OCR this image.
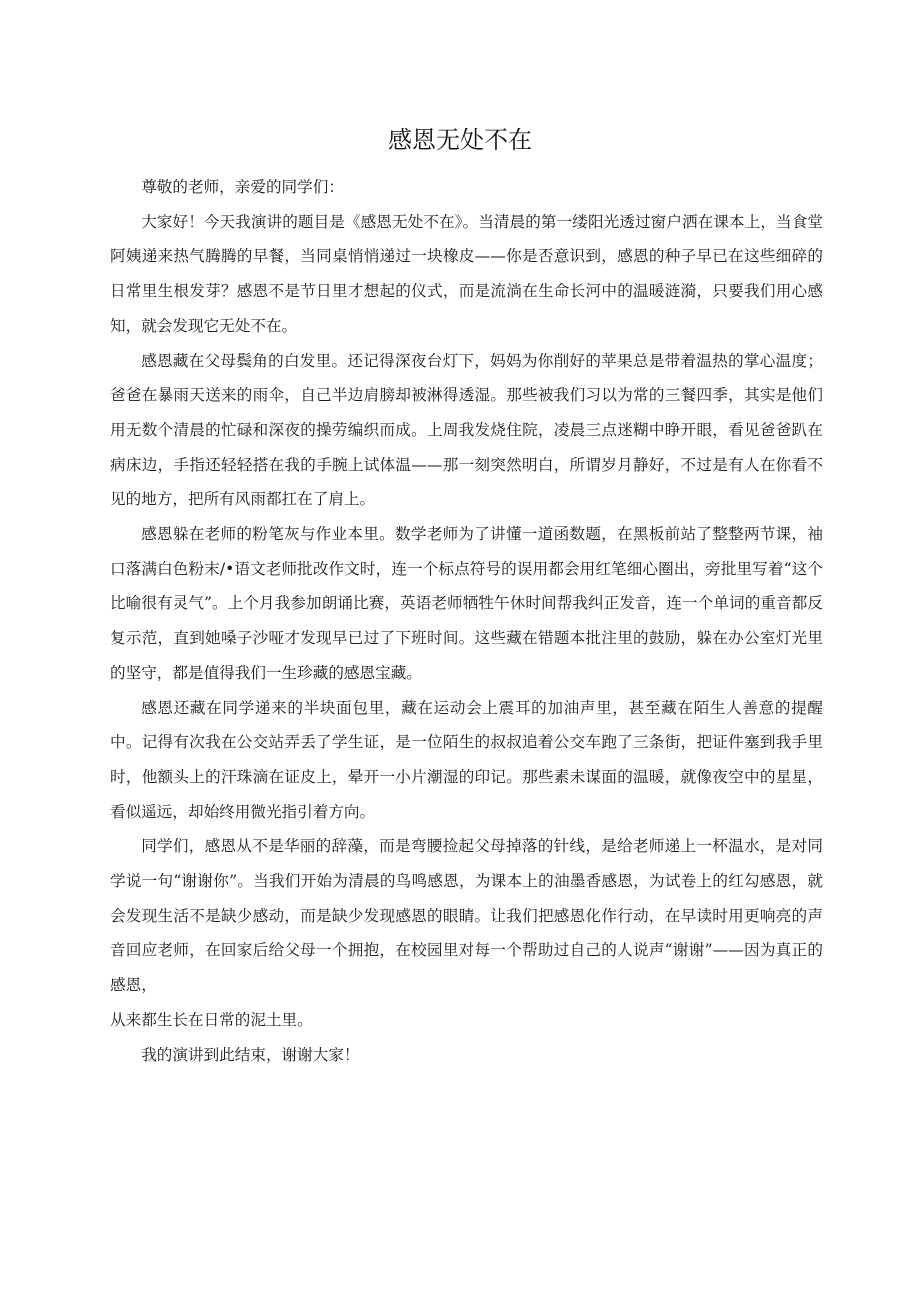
感恩无处不在

尊敬的老师，亲爱的同学们：

大家好！今天我演讲的题目是《感恩无处不在》。当清晨的第一缕阳光透过窗户洒在课本上，当食堂阿姨递来热气腾腾的早餐，当同桌悄悄递过一块橡皮——你是否意识到，感恩的种子早已在这些细碎的日常里生根发芽？感恩不是节日里才想起的仪式，而是流淌在生命长河中的温暖涟漪，只要我们用心感知，就会发现它无处不在。

感恩藏在父母鬓角的白发里。还记得深夜台灯下，妈妈为你削好的苹果总是带着温热的掌心温度；爸爸在暴雨天送来的雨伞，自己半边肩膀却被淋得透湿。那些被我们习以为常的三餐四季，其实是他们用无数个清晨的忙碌和深夜的操劳编织而成。上周我发烧住院，凌晨三点迷糊中睁开眼，看见爸爸趴在病床边，手指还轻轻搭在我的手腕上试体温——那一刻突然明白，所谓岁月静好，不过是有人在你看不见的地方，把所有风雨都扛在了肩上。

感恩躲在老师的粉笔灰与作业本里。数学老师为了讲懂一道函数题，在黑板前站了整整两节课，袖口落满白色粉末/•语文老师批改作文时，连一个标点符号的误用都会用红笔细心圈出，旁批里写着“这个比喻很有灵气”。上个月我参加朗诵比赛，英语老师牺牲午休时间帮我纠正发音，连一个单词的重音都反复示范，直到她嗓子沙哑才发现早已过了下班时间。这些藏在错题本批注里的鼓励，躲在办公室灯光里的坚守，都是值得我们一生珍藏的感恩宝藏。

感恩还藏在同学递来的半块面包里，藏在运动会上震耳的加油声里，甚至藏在陌生人善意的提醒中。记得有次我在公交站弄丢了学生证，是一位陌生的叔叔追着公交车跑了三条街，把证件塞到我手里时，他额头上的汗珠滴在证皮上，晕开一小片潮湿的印记。那些素未谋面的温暖，就像夜空中的星星，看似遥远，却始终用微光指引着方向。

同学们，感恩从不是华丽的辞藻，而是弯腰捡起父母掉落的针线，是给老师递上一杯温水，是对同学说一句“谢谢你”。当我们开始为清晨的鸟鸣感恩，为课本上的油墨香感恩，为试卷上的红勾感恩，就会发现生活不是缺少感动，而是缺少发现感恩的眼睛。让我们把感恩化作行动，在早读时用更响亮的声音回应老师，在回家后给父母一个拥抱，在校园里对每一个帮助过自己的人说声“谢谢”——因为真正的感恩，

从来都生长在日常的泥土里。

我的演讲到此结束，谢谢大家！
